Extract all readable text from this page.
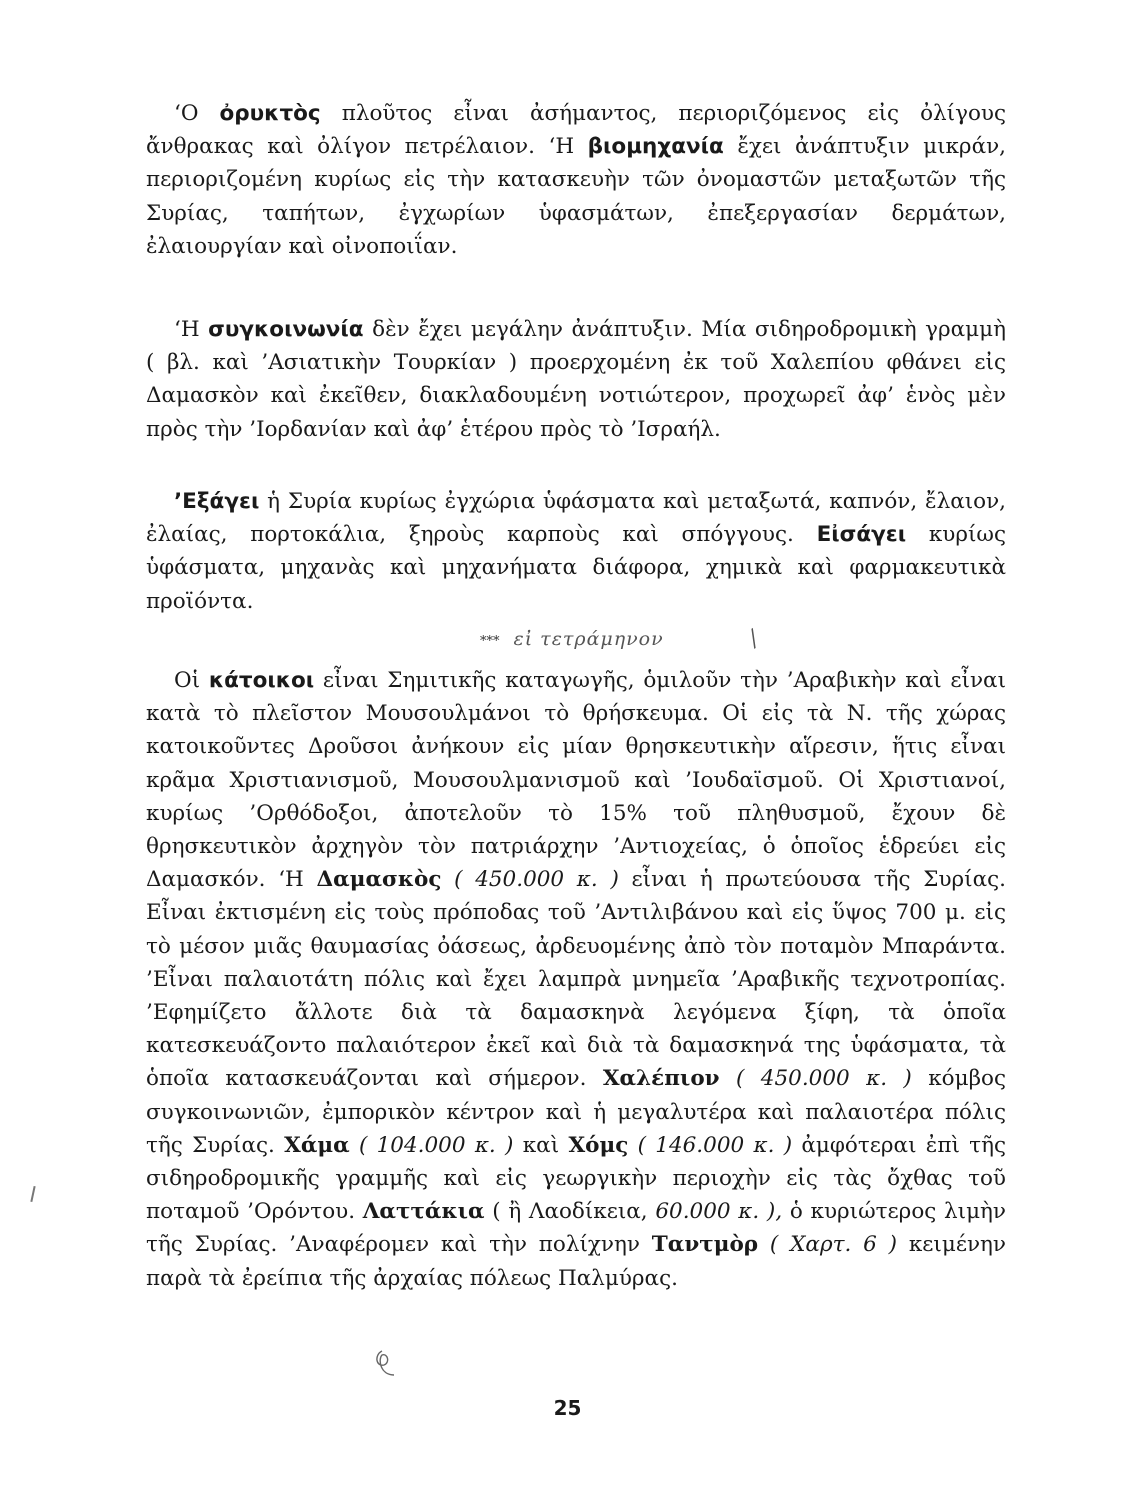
‘Ο ὀρυκτὸς πλοῦτος εἶναι ἀσήμαντος, περιοριζόμενος εἰς ὀλίγους ἄνθρακας καὶ ὀλίγον πετρέλαιον. ‘Η βιομηχανία ἔχει ἀνάπτυξιν μικράν, περιοριζομένη κυρίως εἰς τὴν κατασκευὴν τῶν ὀνομαστῶν μεταξωτῶν τῆς Συρίας, ταπήτων, ἐγχωρίων ὑφασμάτων, ἐπεξεργασίαν δερμάτων, ἐλαιουργίαν καὶ οἰνοποιΐαν.

‘Η συγκοινωνία δὲν ἔχει μεγάλην ἀνάπτυξιν. Μία σιδηροδρομικὴ γραμμὴ ( βλ. καὶ ’Ασιατικὴν Τουρκίαν ) προερχομένη ἐκ τοῦ Χαλεπίου φθάνει εἰς Δαμασκὸν καὶ ἐκεῖθεν, διακλαδουμένη νοτιώτερον, προχωρεῖ ἀφ’ ἑνὸς μὲν πρὸς τὴν ’Ιορδανίαν καὶ ἀφ’ ἑτέρου πρὸς τὸ ’Ισραήλ.

’Εξάγει ἡ Συρία κυρίως ἐγχώρια ὑφάσματα καὶ μεταξωτά, καπνόν, ἔλαιον, ἐλαίας, πορτοκάλια, ξηροὺς καρποὺς καὶ σπόγγους. Εἰσάγει κυρίως ὑφάσματα, μηχανὰς καὶ μηχανήματα διάφορα, χημικὰ καὶ φαρμακευτικὰ προϊόντα.

*** εἰ τετράμηνον	/

Οἱ κάτοικοι εἶναι Σημιτικῆς καταγωγῆς, ὁμιλοῦν τὴν ’Αραβικὴν καὶ εἶναι κατὰ τὸ πλεῖστον Μουσουλμάνοι τὸ θρήσκευμα. Οἱ εἰς τὰ Ν. τῆς χώρας κατοικοῦντες Δροῦσοι ἀνήκουν εἰς μίαν θρησκευτικὴν αἵρεσιν, ἥτις εἶναι κρᾶμα Χριστιανισμοῦ, Μουσουλμανισμοῦ καὶ ’Ιουδαϊσμοῦ. Οἱ Χριστιανοί, κυρίως ’Ορθόδοξοι, ἀποτελοῦν τὸ 15% τοῦ πληθυσμοῦ, ἔχουν δὲ θρησκευτικὸν ἀρχηγὸν τὸν πατριάρχην ’Αντιοχείας, ὁ ὁποῖος ἑδρεύει εἰς Δαμασκόν. ‘Η Δαμασκὸς ( 450.000 κ. ) εἶναι ἡ πρωτεύουσα τῆς Συρίας. Εἶναι ἐκτισμένη εἰς τοὺς πρόποδας τοῦ ’Αντιλιβάνου καὶ εἰς ὕψος 700 μ. εἰς τὸ μέσον μιᾶς θαυμασίας ὀάσεως, ἀρδευομένης ἀπὸ τὸν ποταμὸν Μπαράντα. ’Εἶναι παλαιοτάτη πόλις καὶ ἔχει λαμπρὰ μνημεῖα ’Αραβικῆς τεχνοτροπίας. ’Εφημίζετο ἄλλοτε διὰ τὰ δαμασκηνὰ λεγόμενα ξίφη, τὰ ὁποῖα κατεσκευάζοντο παλαιότερον ἐκεῖ καὶ διὰ τὰ δαμασκηνά της ὑφάσματα, τὰ ὁποῖα κατασκευάζονται καὶ σήμερον. Χαλέπιον ( 450.000 κ. ) κόμβος συγκοινωνιῶν, ἐμπορικὸν κέντρον καὶ ἡ μεγαλυτέρα καὶ παλαιοτέρα πόλις τῆς Συρίας. Χάμα ( 104.000 κ. ) καὶ Χόμς ( 146.000 κ. ) ἀμφότεραι ἐπὶ τῆς σιδηροδρομικῆς γραμμῆς καὶ εἰς γεωργικὴν περιοχὴν εἰς τὰς ὄχθας τοῦ ποταμοῦ ’Ορόντου. Λαττάκια ( ἢ Λαοδίκεια, 60.000 κ. ), ὁ κυριώτερος λιμὴν τῆς Συρίας. ’Αναφέρομεν καὶ τὴν πολίχνην Ταντμὸρ ( Χαρτ. 6 ) κειμένην παρὰ τὰ ἐρείπια τῆς ἀρχαίας πόλεως Παλμύρας.

25
